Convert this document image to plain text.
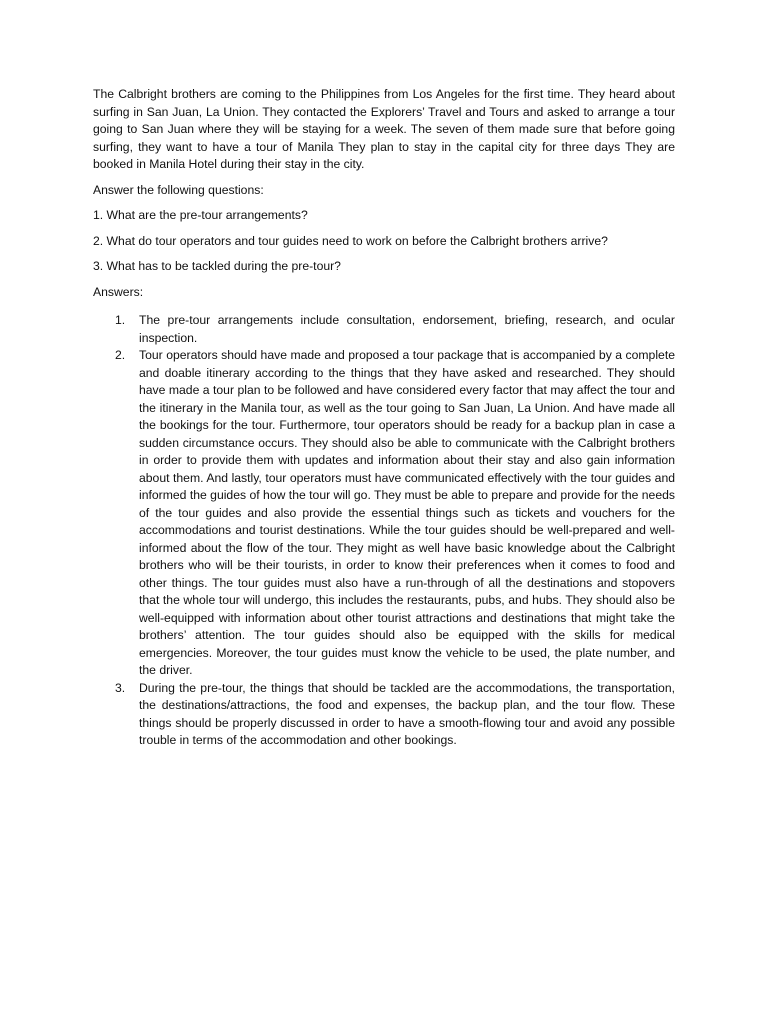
The Calbright brothers are coming to the Philippines from Los Angeles for the first time. They heard about surfing in San Juan, La Union. They contacted the Explorers’ Travel and Tours and asked to arrange a tour going to San Juan where they will be staying for a week. The seven of them made sure that before going surfing, they want to have a tour of Manila They plan to stay in the capital city for three days They are booked in Manila Hotel during their stay in the city.

Answer the following questions:

1. What are the pre-tour arrangements?

2. What do tour operators and tour guides need to work on before the Calbright brothers arrive?

3. What has to be tackled during the pre-tour?

Answers:

1. The pre-tour arrangements include consultation, endorsement, briefing, research, and ocular inspection.
2. Tour operators should have made and proposed a tour package that is accompanied by a complete and doable itinerary according to the things that they have asked and researched. They should have made a tour plan to be followed and have considered every factor that may affect the tour and the itinerary in the Manila tour, as well as the tour going to San Juan, La Union. And have made all the bookings for the tour. Furthermore, tour operators should be ready for a backup plan in case a sudden circumstance occurs. They should also be able to communicate with the Calbright brothers in order to provide them with updates and information about their stay and also gain information about them. And lastly, tour operators must have communicated effectively with the tour guides and informed the guides of how the tour will go. They must be able to prepare and provide for the needs of the tour guides and also provide the essential things such as tickets and vouchers for the accommodations and tourist destinations. While the tour guides should be well-prepared and well-informed about the flow of the tour. They might as well have basic knowledge about the Calbright brothers who will be their tourists, in order to know their preferences when it comes to food and other things. The tour guides must also have a run-through of all the destinations and stopovers that the whole tour will undergo, this includes the restaurants, pubs, and hubs. They should also be well-equipped with information about other tourist attractions and destinations that might take the brothers’ attention. The tour guides should also be equipped with the skills for medical emergencies. Moreover, the tour guides must know the vehicle to be used, the plate number, and the driver.
3. During the pre-tour, the things that should be tackled are the accommodations, the transportation, the destinations/attractions, the food and expenses, the backup plan, and the tour flow. These things should be properly discussed in order to have a smooth-flowing tour and avoid any possible trouble in terms of the accommodation and other bookings.
